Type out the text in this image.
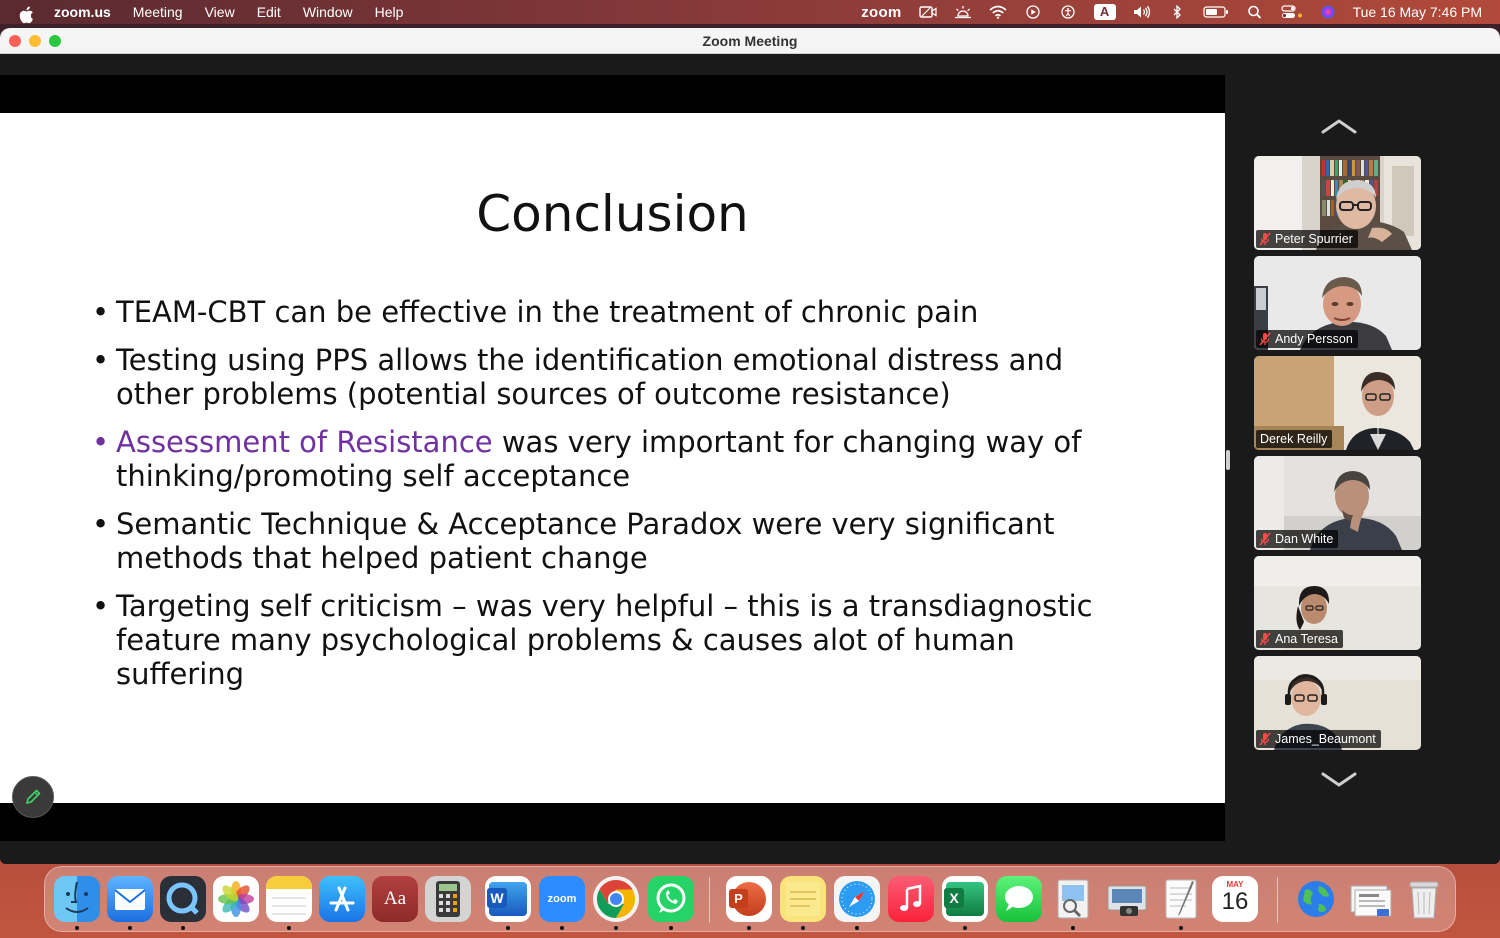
zoom.us Meeting View Edit Window Help	zoom	A	Tue 16 May 7:46 PM
Zoom Meeting
Conclusion
• TEAM-CBT can be effective in the treatment of chronic pain
• Testing using PPS allows the identification emotional distress and other problems (potential sources of outcome resistance)
• Assessment of Resistance was very important for changing way of thinking/promoting self acceptance
• Semantic Technique & Acceptance Paradox were very significant methods that helped patient change
• Targeting self criticism – was very helpful – this is a transdiagnostic feature many psychological problems & causes alot of human suffering
Peter Spurrier
Andy Persson
Derek Reilly
Dan White
Ana Teresa
James_Beaumont
Aa	W	zoom	P	X
MAY
16
